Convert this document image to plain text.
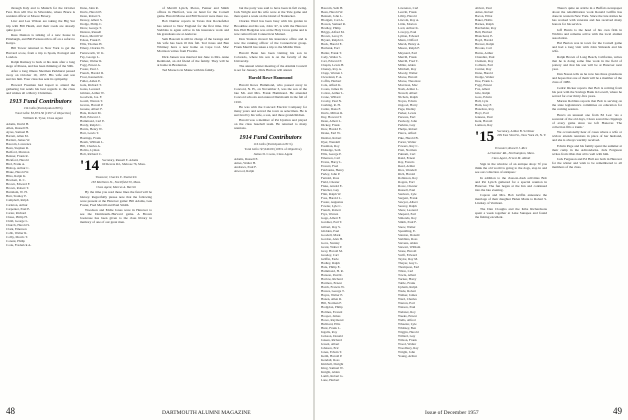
through Italy and to Munich for the October Fest. Don will live in Silverdale, where Bruce is resident officer at Moore Bavery.

Linc and Lee Wilson are taking the Big Sur trip with Bill Heath, and their roads are already quite good.

Russ Dunton is talking of a new house in Pittsburgh, and Bill Farnsworth is off on a safari to Kenya.

Bill Tower returned to New York to get the Harvard score, from a trip to Spain, Portugal and London.

Ralph Rumsey is back at his desk after a long siege of illness, and has been thinking of the 50th.

After a long illness Sherman Parkhurst passed away on October 19, 1957. His wife and son survive him. Your class has sent its sympathy.

Howard Freeman had hoped to attend the gathering but sends his best regards to the class and wishes all a Merry Christmas.

1913 Fund Contributors

134 Gifts (Participation 80%)

Total Gifts: $5,874.50 (1957 of Objective)

William R. Tyrer, Class Agent

Adams, David H.
Allen, Russell H.
Ayres, Samuel H.
Barrett, Allen M.
Bartlett, James W.
Bascom, Lawrence
Bean, Stephen R.
Bedford, Marston
Benner, Frank R.
Bickford, Harold
Bird, Frank A.
Bishop, Arthur C.
Blake, Harold W.
Bliss, Ralph K.
Brackett, R. C.
Brown, Edward F.
Brown, Robert T.
Burnham, W. H.
Burr, Stanley P.
Campbell, Ralph
Carleton, Arthur
Carpenter, Paul E.
Carter, Richard
Chase, Philip H.
Child, George L.
Church, Harold S.
Clark, Emerson
Cobb, Walter R.
Colby, Morris T.
Conant, Philip
Cook, Frederick A.
Dana, John R.
Davis, Harold E.
Dean, Robert S.
Dewey, Albert S.
Dodge, Philip C.
Drew, George T.
Dunton, Russell
Eaton, Merrill W.
Edson, Frank P.
Ellis, Thomas H.
Emery, Charles W.
Farnsworth, W. K.
Fay, George L.
Fisher, Walter R.
Fogg, Ernest A.
Foster, Paul J.
French, Harold D.
Frost, Kenneth R.
Fuller, Alden E.
Gale, Richard T.
Gates, Leonard
Gilman, Arthur W.
Goodwin, Jos. F.
Gould, Warren T.
Graves, Harold P.
Greene, Albert F.
Hale, Robert M.
Hall, Edward J.
Hammond, Carl E.
Hardy, Ralph C.
Harris, Henry W.
Hart, Lewis T.
Hastings, Frank
Heath, William L.
Hill, Charles A.
Hobbs, Lyman
Holt, Richard C.
'14 Secretary, Russell E. Adams
60 Revere Rd., Melrose 76, Mass.
Treasurer, Charles E. Shutterleb
163 Marlboro St., Northfield 50, Mass.
Class Agent, Marcus A. Barrett

By the time you read these lines the fund will be history. Regretfully please note that the following were present at the Hanover game: Bill Adams, Gus Foster, Fred Merrill and Paul Smith.

Woodson and Eddie Jones were in Hanover to see the Dartmouth–Harvard game. A Brown bookcase has been given to the class library in memory of one of our great men.

of Merrill Lynch, Pierce, Fenner and Smith offices in Hartford, was on hand for the Cornell game. Harold Morse and Bill Stewart were there too.

Bob Dunbar reports in Texas that Rockefeller has retired to New England for the first time. Doc Stebbins is again active in his insurance work and his grandsons are at Andover.

Seth Bascom is still in charge of the Grange and his wife has been ill this fall. Ted Jones and Ben Whitney have a new home on Cape Cod. Mac Morrison writes from Florida.

Dick Jansen was married last June to Mrs. Anne Redmond, an old friend of the family. They will be at home in Bradenton.

Ted Morse is in Maine with his family.

but the party was said to have been in full swing. Jack Wright and his wife were at the Yale game and then spent a week on the island of Nantucket.

Charles Ward has been busy with his garden in Brookline and his son, John '47, is with the Hanover Inn. Phil Hodgdon was at the Holy Cross game and is now retired from Connecticut Mutual.

Don Stanton moved his insurance office and is now the ranking officer of the Connecticut group. Frank Merrill has taken a trip to the Middle West.

Harold Bean has been visiting his son in Colorado, where his son is on the faculty of the University.

The annual winter meeting of the Alumni Council is set for January. Dick Harlow will attend.

Harold Rowe Hammond

Harold Rowe Hammond, who passed away in Concord, N. H., on November 3, was the son of the late Mr. and Mrs. Frank Hammond. He attended Concord schools and entered Dartmouth in the fall of 1910.

He was with the Concord Electric Company for many years and served the town as selectman. He is survived by his wife, a son, and three grandchildren.

Harold was a member of Psi Upsilon and played on the class baseball team. He returned to many reunions.

1914 Fund Contributors

116 Gifts (Participation 81%)

Total Gifts: $7,640.00 (106% of Objective)

James D. Coons, Class Agent

Adams, Russell E.
Ames, Walter H.
Andrews, Paul F.
Atwood, Ralph
48	DARTMOUTH ALUMNI MAGAZINE
Bascom, Seth H.
Bean, Harold W.
Bennett, John L.
Blodgett, Carl A.
Bowen, Samuel R.
Bradley, Philip
Briggs, Alfred M.
Brown, Leroy E.
Bryant, Ralph O.
Buck, Harold E.
Burbank, Earl
Butler, Frank T.
Cady, Walter S.
Carr, Edward P.
Chapin, Lewis H.
Cheney, Roy A.
Clapp, Warren J.
Cleveland, F. A.
Coffin, Herbert
Cole, Alfred K.
Coons, James D.
Cotton, Arthur L.
Crane, Willard
Crosby, Paul N.
Cushing, R. H.
Cutler, Dana F.
Davis, Milton R.
Day, Howard T.
Dean, Albert L.
Dickey, Frank
Dow, Harold E.
Drake, Earl W.
Dunbar, Robert
Dyer, Wendell
Eastman, Roy
Eldredge, Seth
Ellis, George P.
Emerson, Carl
Evans, Harry L.
Everett, Fred
Fairbanks, Henry
Farley, John P.
Fernald, Ross
Field, Chester
Fiske, Arnold E.
Fletcher, Guy
Flint, Ralph W.
Foss, Harold L.
Foster, Augustus
Fowler, Lyle C.
French, Robert
Frye, Warren
Gage, Albert F.
Gardner, Earl T.
Gilbert, Ray S.
Glidden, Paul
Goodell, Mark
Gordon, Alex H.
Gove, Stanley
Grant, Walter P.
Gray, Harold M.
Greeley, Carl
Griffin, Earle
Hadley, Ralph
Hale, Philip E.
Hammond, H. R.
Hanson, Paul R.
Harlow, Richard
Harmon, Ernest
Hatch, Francis W.
Hawes, George T.
Hayes, Walter E.
Hazen, Allen R.
Hill, Norman F.
Hodgdon, Philip
Holmes, Everett
Hooper, James
Howe, Raymond
Hubbard, Ellis
Hunt, Frank L.
Ingalls, Roy
Jackson, Donald
Jansen, Richard
Jewett, Albert
Johnson, Eric
Jones, Edwin T.
Keith, Harold P.
Kendall, Ross
Kimball, Dwight
King, Samuel W.
Knight, Alden
Lamb, Robert G.
Lane, Herbert
Lawrence, Carl
Leavitt, Frank
Libby, Harold
Lincoln, Ray A.
Little, Morton
Lord, Arthur K.
Lovejoy, Paul
Lyman, Edward
Mann, Clifford
Marsh, Henry A.
Mason, Ralph F.
Maynard, Earl
Merrill, Frank
Merrill, Fred T.
Miller, Alden
Mitchell, Roy
Moody, Walter
Morse, Harold
Morse, Theodore
Morrison, Mac
Nash, Arthur L.
Newell, Albert
Nichols, Ralph
Noyes, Edwin
Osgood, Harry
Page, Dudley
Parker, Lewis
Parsons, Earl
Peabody, John
Perkins, Guy
Phelps, Robert
Pierce, Alfred
Pike, Harold B.
Porter, Walter
Powers, Ray C.
Pratt, Norman
Putnam, Carl
Rand, Ernest
Ray, Francis
Reed, Arthur
Rice, Wendell
Rich, Harold
Robinson, Roy
Rogers, Earl
Rowe, Chester
Russell, Paul
Sanborn, Lyle
Sargent, Frank
Sawyer, Albert
Seavey, Ralph
Shaw, Leonard
Shepard, Earl
Simonds, Roy
Smith, Paul F.
Snow, Walter
Spaulding, E.
Stanton, Donald
Stebbins, Ross
Stevens, Alden
Stewart, William
Stone, Harold
Swift, Edward
Taylor, Ray M.
Thayer, Guy L.
Thompson, Earl
Tilton, Carl
Towle, Albert
Tucker, Harry
Tuttle, Frank
Upham, Ralph
Wade, Robert
Walker, James
Ward, Charles
Warren, Earl
Watson, Paul
Webster, Roy
Weeks, Ernest
Wells, Alfred
Wheeler, Lyle
Whitney, Ben
Wiggin, Harold
Willard, Guy
Wilson, Frank
Wood, Walter
Woodbury, Ray
Wright, John
Young, Arthur
Abbott, Paul
Ames, Robert
Bacon, Elliot
Baker, Hollis
Barnes, Ralph
Batchelder, Roy
Bell, Herbert
Blanchard, E.
Boyd, Harold
Brewer, Ralph
Brooks, Carl
Burns, Arthur
Chandler, Paul
Clement, Roy
Colburn, Earl
Currier, Ray
Dana, Harold
Dodge, Walter
Doe, Frank L.
Fogg, Ernest
Fox, Albert
Gile, Ralph
Goss, Edwin
Hall, Lyle
Ham, Guy F.
Hazelton, Roy
Hoyt, Earl
Jenness, Paul
Kent, Harold
Lamson, Ray
'15 Secretary, Arthur B. Scribner
209 East 52nd St., New York 22, N. Y.
Treasurer, Russell J. Rice
44 Summer Rd., Northampton, Mass.
Class Agent, Ernest M. Abbott

Sign in the window of an antique shop: 'If you think the old world is going to the dogs, stop in and see our collection of antiques.'

In addition to the class-in-dash activities Bob and Pat Lynch gathered for a special reunion in Hanover. The fun began at the Inn and continued into the late evening.

Capron and Mrs. Bob Griffin announce the marriage of their daughter Helen Marie to Robert S. Lindsay of Vermont.

The Dan Clougha and the Kibe Richardsons spent a week together at Lake Sunapee and found the fishing excellent.

There's quite an article in a Buffalo newspaper about the rehabilitation work Ronald Griffin has done in western New York. Since the late sixties he has worked with veterans and has received many honors for his service.

Jeff Harris is the head of his own firm in Wichita and remains active with the local alumni association.

Hal Burton was in town for the Cornell game and had a long visit with John Simonds and his wife.

Ralph Brown of Long Beach, California, writes that he is doing some fine work in the field of pottery and that his son will be at Hanover next year.

Dan Nason tells us he now has three grandsons and hopes that one of them will be a member of the class of 1980.

Cedric Ricker reports that Bob is retiring from his post with the Savings Bank in Lowell, where he served for over thirty-five years.

Marion Robbins reports that Bob is serving on the state legislature's committee on education for the coming session.

Here's an unusual one from Ed Lee: 'As a souvenir of the old days, I have saved the clippings of every game since we left Hanover. The collection fills a trunk.'

We occasionally hear of cases where a wife or widow attends reunions in place of her husband, and she is always warmly received.

Edwin Page and his family spent the summer at their camp in the Adirondacks. Jack Ferguson writes from Ohio that all is well with him.

Jack Ferguson and Ed Hall are both in Hanover for the winter and wish to be remembered to all members of the class.

Issue of December 1957	49
